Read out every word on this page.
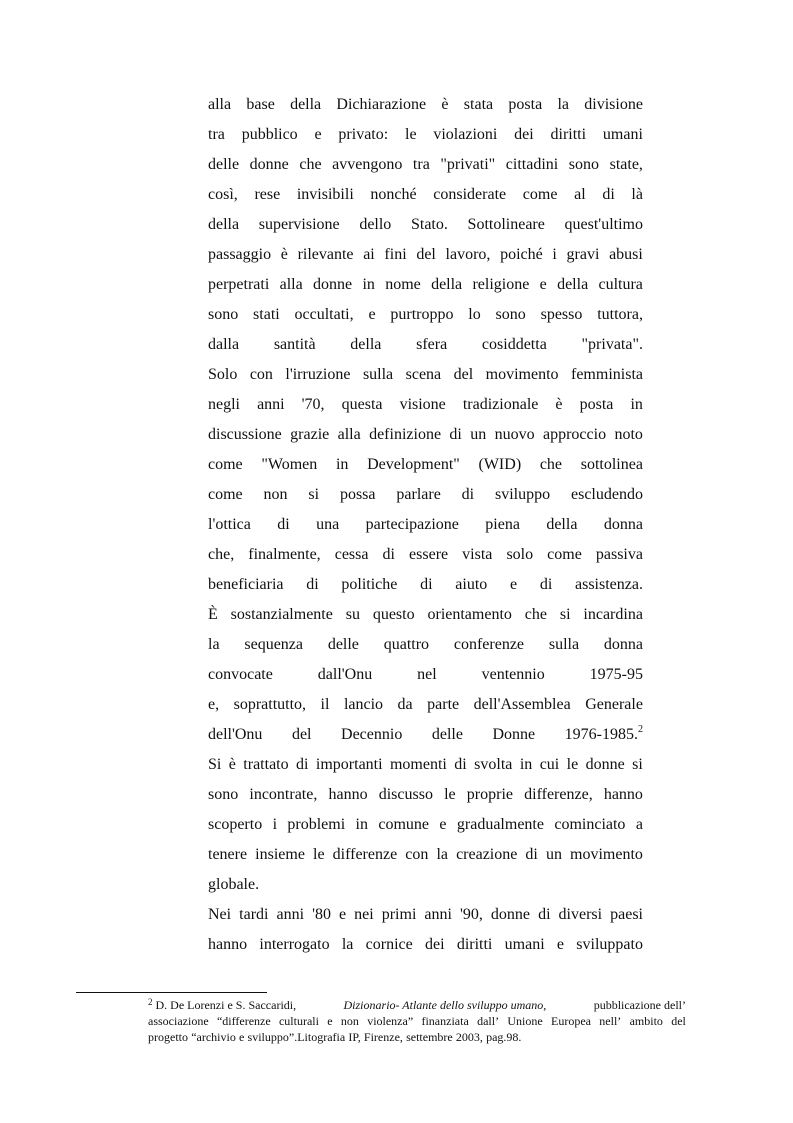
alla base della Dichiarazione è stata posta la divisione
tra pubblico e privato: le violazioni dei diritti umani
delle donne che avvengono tra "privati" cittadini sono state,
così, rese invisibili nonché considerate come al di là
della supervisione dello Stato. Sottolineare quest'ultimo
passaggio è rilevante ai fini del lavoro, poiché i gravi abusi
perpetrati alla donne in nome della religione e della cultura
sono stati occultati, e purtroppo lo sono spesso tuttora,
dalla santità della sfera cosiddetta "privata".
Solo con l'irruzione sulla scena del movimento femminista
negli anni '70, questa visione tradizionale è posta in
discussione grazie alla definizione di un nuovo approccio noto
come "Women in Development" (WID) che sottolinea
come non si possa parlare di sviluppo escludendo
l'ottica di una partecipazione piena della donna
che, finalmente, cessa di essere vista solo come passiva
beneficiaria di politiche di aiuto e di assistenza.
È sostanzialmente su questo orientamento che si incardina
la sequenza delle quattro conferenze sulla donna
convocate	dall'Onu	nel	ventennio	1975-95
e, soprattutto, il lancio da parte dell'Assemblea Generale
dell'Onu del Decennio delle Donne 1976-1985.$^2$
Si è trattato di importanti momenti di svolta in cui le donne si
sono incontrate, hanno discusso le proprie differenze, hanno
scoperto i problemi in comune e gradualmente cominciato a
tenere insieme le differenze con la creazione di un movimento
globale.
Nei tardi anni '80 e nei primi anni '90, donne di diversi paesi
hanno interrogato la cornice dei diritti umani e sviluppato
$^2$ D. De Lorenzi e S. Saccaridi,	Dizionario- Atlante dello sviluppo umano,	pubblicazione dell’
associazione “differenze culturali e non violenza” finanziata dall’ Unione Europea nell’ ambito del
progetto “archivio e sviluppo”.Litografia IP, Firenze, settembre 2003, pag.98.
